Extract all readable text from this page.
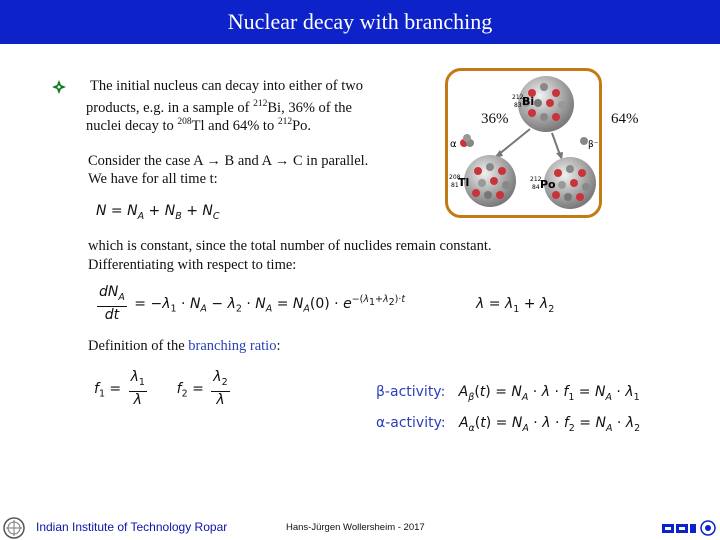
Nuclear decay with branching
The initial nucleus can decay into either of two
products, e.g. in a sample of $^{212}$Bi, 36% of the
nuclei decay to $^{208}$Tl and 64% to $^{212}$Po.
Consider the case A → B and A → C in parallel.
We have for all time t:
$N = N_A + N_B + N_C$
which is constant, since the total number of nuclides remain constant.
Differentiating with respect to time:
$\frac{dN_A}{dt} = -\lambda_1 \cdot N_A - \lambda_2 \cdot N_A = N_A(0) \cdot e^{-(\lambda_1+\lambda_2)\cdot t}$	$\lambda = \lambda_1 + \lambda_2$
Definition of the branching ratio:
$f_1 = \frac{\lambda_1}{\lambda} f_2 = \frac{\lambda_2}{\lambda}$	β-activity: $A_\beta(t) = N_A \cdot \lambda \cdot f_1 = N_A \cdot \lambda_1$
α-activity: $A_\alpha(t) = N_A \cdot \lambda \cdot f_2 = N_A \cdot \lambda_2$
212
83 Bi
α	β⁻
208
81 Tl	212
84 Po
36%	64%
Indian Institute of Technology Ropar	Hans-Jürgen Wollersheim - 2017
